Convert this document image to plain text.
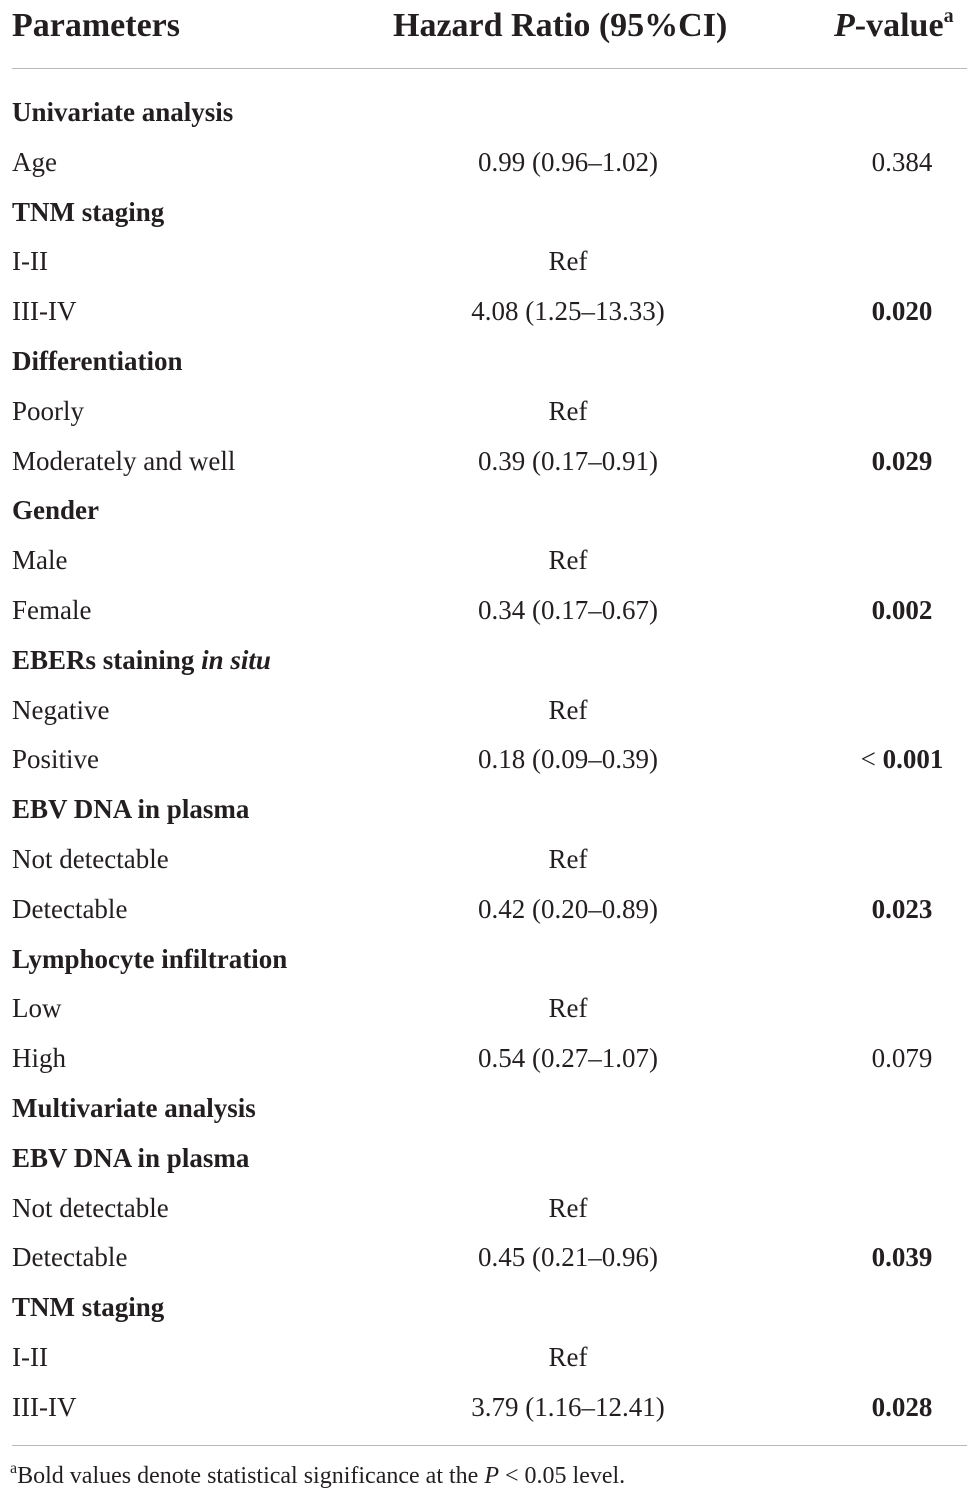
Parameters	Hazard Ratio (95%CI)	P-value$^a$
Univariate analysis
Age	0.99 (0.96–1.02)	0.384
TNM staging
I-II	Ref
III-IV	4.08 (1.25–13.33)	0.020
Differentiation
Poorly	Ref
Moderately and well	0.39 (0.17–0.91)	0.029
Gender
Male	Ref
Female	0.34 (0.17–0.67)	0.002
EBERs staining in situ
Negative	Ref
Positive	0.18 (0.09–0.39)	< 0.001
EBV DNA in plasma
Not detectable	Ref
Detectable	0.42 (0.20–0.89)	0.023
Lymphocyte infiltration
Low	Ref
High	0.54 (0.27–1.07)	0.079
Multivariate analysis
EBV DNA in plasma
Not detectable	Ref
Detectable	0.45 (0.21–0.96)	0.039
TNM staging
I-II	Ref
III-IV	3.79 (1.16–12.41)	0.028
$^a$Bold values denote statistical significance at the P < 0.05 level.
